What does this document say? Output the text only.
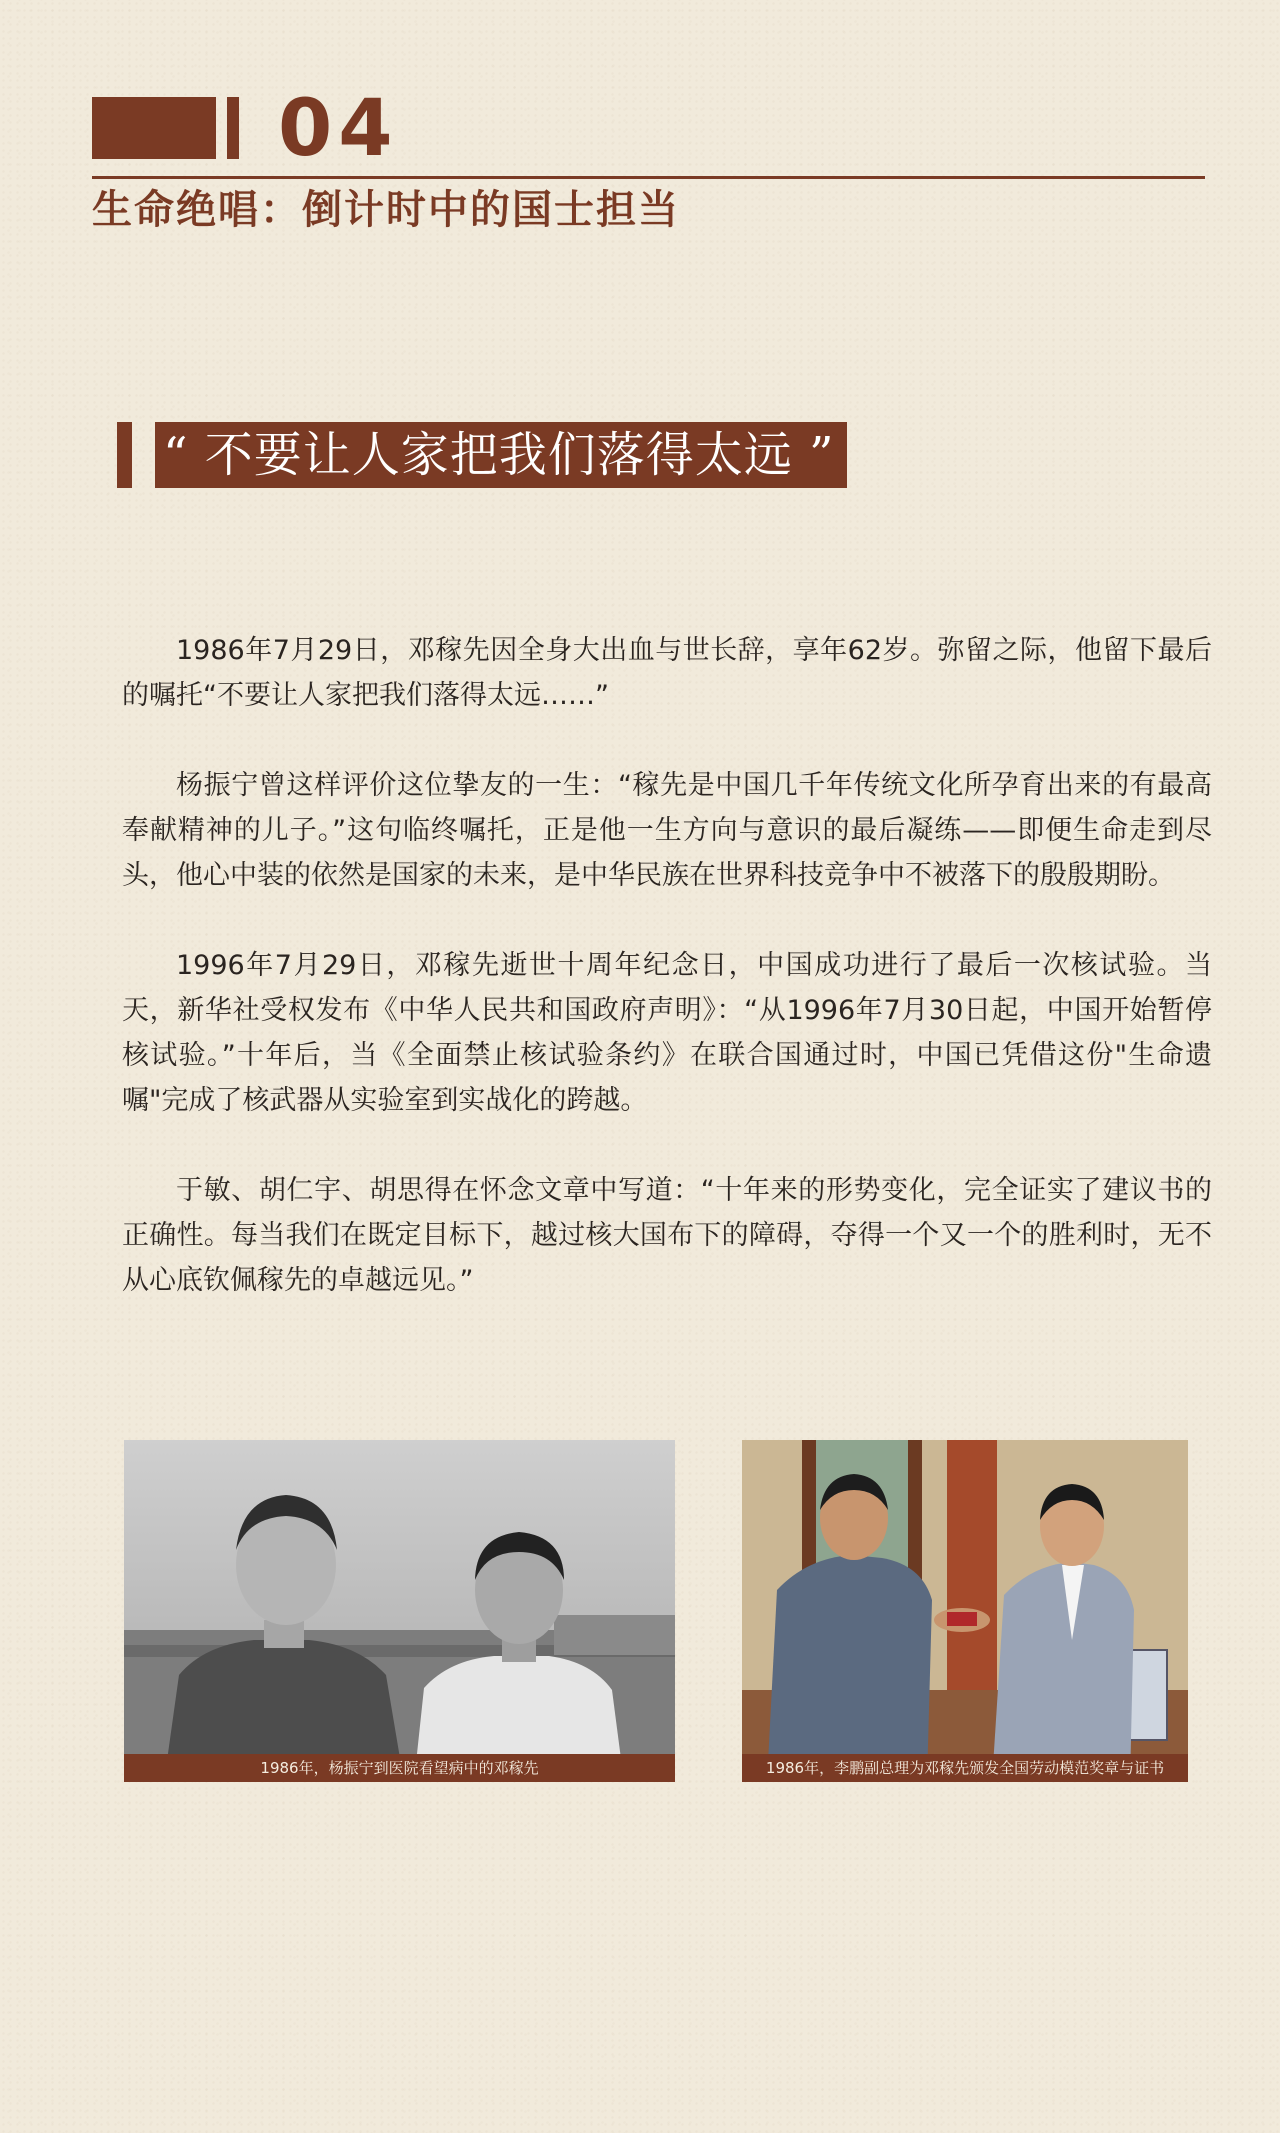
04
生命绝唱：倒计时中的国士担当
“ 不要让人家把我们落得太远 ”

1986年7月29日，邓稼先因全身大出血与世长辞，享年62岁。弥留之际，他留下最后的嘱托“不要让人家把我们落得太远……”

杨振宁曾这样评价这位挚友的一生：“稼先是中国几千年传统文化所孕育出来的有最高奉献精神的儿子。”这句临终嘱托，正是他一生方向与意识的最后凝练——即便生命走到尽头，他心中装的依然是国家的未来，是中华民族在世界科技竞争中不被落下的殷殷期盼。

1996年7月29日，邓稼先逝世十周年纪念日，中国成功进行了最后一次核试验。当天，新华社受权发布《中华人民共和国政府声明》：“从1996年7月30日起，中国开始暂停核试验。”十年后，当《全面禁止核试验条约》在联合国通过时，中国已凭借这份"生命遗嘱"完成了核武器从实验室到实战化的跨越。

于敏、胡仁宇、胡思得在怀念文章中写道：“十年来的形势变化，完全证实了建议书的正确性。每当我们在既定目标下，越过核大国布下的障碍，夺得一个又一个的胜利时，无不从心底钦佩稼先的卓越远见。”

1986年，杨振宁到医院看望病中的邓稼先	1986年，李鹏副总理为邓稼先颁发全国劳动模范奖章与证书
